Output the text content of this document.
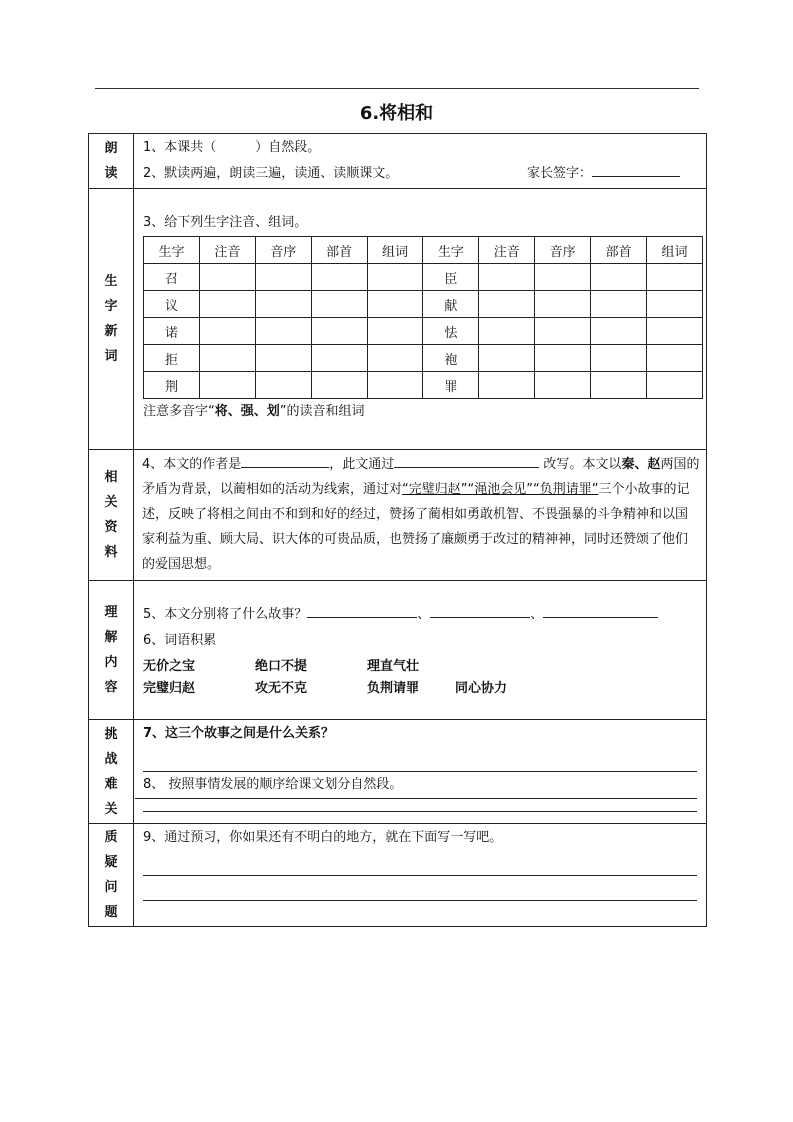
6.将相和
朗
读

1、本课共（　　　）自然段。
2、默读两遍，朗读三遍，读通、读顺课文。	家长签字：

生
字
新
词

3、给下列生字注音、组词。
生字	注音	音序	部首	组词	生字	注音	音序	部首	组词
召					臣				
议					献				
诺					怯				
拒					袍				
荆					罪				
注意多音字“将、强、划”的读音和组词

相
关
资
料
	4、本文的作者是	，此文通过	改写。本文以秦、赵两国的矛盾为背景，以蔺相如的活动为线索，通过对“完璧归赵”“渑池会见”“负荆请罪”三个小故事的记述，反映了将相之间由不和到和好的经过，赞扬了蔺相如勇敢机智、不畏强暴的斗争精神和以国家利益为重、顾大局、识大体的可贵品质，也赞扬了廉颇勇于改过的精神神，同时还赞颂了他们的爱国思想。

理
解
内
容

5、本文分别将了什么故事？	、	、
6、词语积累
无价之宝	绝口不提	理直气壮
完璧归赵	攻无不克	负荆请罪	同心协力

挑
战
难
关

7、这三个故事之间是什么关系？
8、 按照事情发展的顺序给课文划分自然段。

质
疑
问
题

9、通过预习，你如果还有不明白的地方，就在下面写一写吧。
